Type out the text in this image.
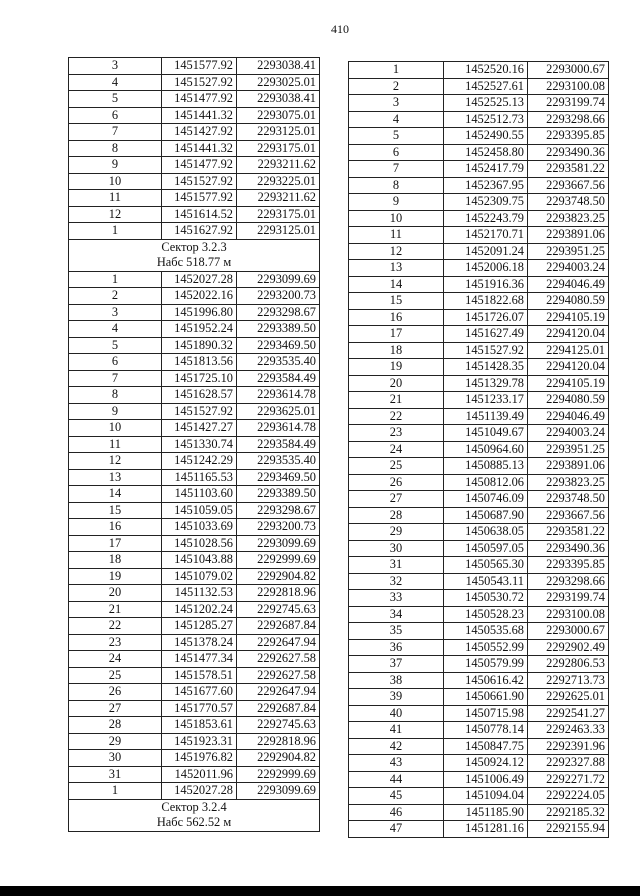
410
3	1451577.92	2293038.41
4	1451527.92	2293025.01
5	1451477.92	2293038.41
6	1451441.32	2293075.01
7	1451427.92	2293125.01
8	1451441.32	2293175.01
9	1451477.92	2293211.62
10	1451527.92	2293225.01
11	1451577.92	2293211.62
12	1451614.52	2293175.01
1	1451627.92	2293125.01

Сектор 3.2.3
Набс 518.77 м		

1	1452027.28	2293099.69
2	1452022.16	2293200.73
3	1451996.80	2293298.67
4	1451952.24	2293389.50
5	1451890.32	2293469.50
6	1451813.56	2293535.40
7	1451725.10	2293584.49
8	1451628.57	2293614.78
9	1451527.92	2293625.01
10	1451427.27	2293614.78
11	1451330.74	2293584.49
12	1451242.29	2293535.40
13	1451165.53	2293469.50
14	1451103.60	2293389.50
15	1451059.05	2293298.67
16	1451033.69	2293200.73
17	1451028.56	2293099.69
18	1451043.88	2292999.69
19	1451079.02	2292904.82
20	1451132.53	2292818.96
21	1451202.24	2292745.63
22	1451285.27	2292687.84
23	1451378.24	2292647.94
24	1451477.34	2292627.58
25	1451578.51	2292627.58
26	1451677.60	2292647.94
27	1451770.57	2292687.84
28	1451853.61	2292745.63
29	1451923.31	2292818.96
30	1451976.82	2292904.82
31	1452011.96	2292999.69
1	1452027.28	2293099.69

Сектор 3.2.4
Набс 562.52 м		
1	1452520.16	2293000.67
2	1452527.61	2293100.08
3	1452525.13	2293199.74
4	1452512.73	2293298.66
5	1452490.55	2293395.85
6	1452458.80	2293490.36
7	1452417.79	2293581.22
8	1452367.95	2293667.56
9	1452309.75	2293748.50
10	1452243.79	2293823.25
11	1452170.71	2293891.06
12	1452091.24	2293951.25
13	1452006.18	2294003.24
14	1451916.36	2294046.49
15	1451822.68	2294080.59
16	1451726.07	2294105.19
17	1451627.49	2294120.04
18	1451527.92	2294125.01
19	1451428.35	2294120.04
20	1451329.78	2294105.19
21	1451233.17	2294080.59
22	1451139.49	2294046.49
23	1451049.67	2294003.24
24	1450964.60	2293951.25
25	1450885.13	2293891.06
26	1450812.06	2293823.25
27	1450746.09	2293748.50
28	1450687.90	2293667.56
29	1450638.05	2293581.22
30	1450597.05	2293490.36
31	1450565.30	2293395.85
32	1450543.11	2293298.66
33	1450530.72	2293199.74
34	1450528.23	2293100.08
35	1450535.68	2293000.67
36	1450552.99	2292902.49
37	1450579.99	2292806.53
38	1450616.42	2292713.73
39	1450661.90	2292625.01
40	1450715.98	2292541.27
41	1450778.14	2292463.33
42	1450847.75	2292391.96
43	1450924.12	2292327.88
44	1451006.49	2292271.72
45	1451094.04	2292224.05
46	1451185.90	2292185.32
47	1451281.16	2292155.94
